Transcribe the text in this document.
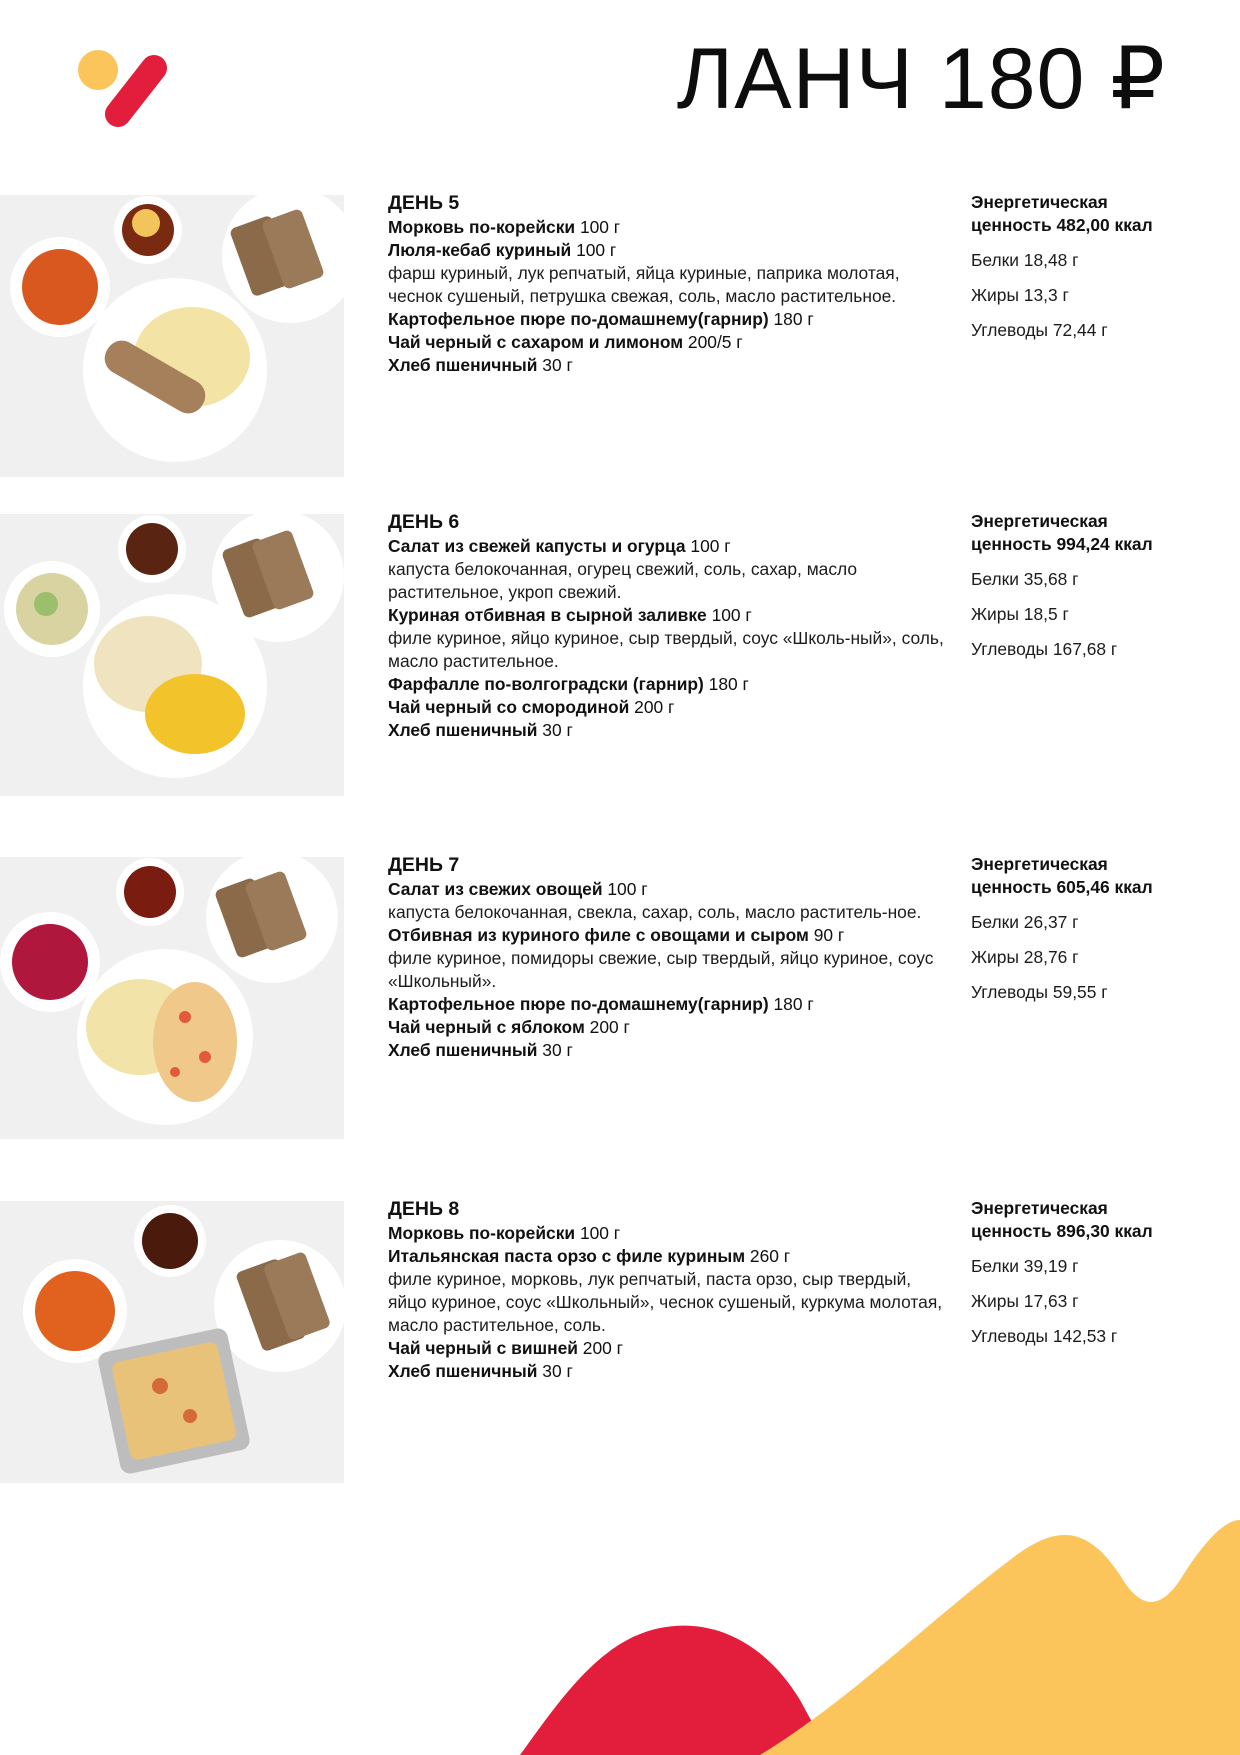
ЛАНЧ 180 ₽
ДЕНЬ 5
Морковь по-корейски 100 г
Люля-кебаб куриный 100 г
фарш куриный, лук репчатый, яйца куриные, паприка молотая, чеснок сушеный, петрушка свежая, соль, масло растительное.
Картофельное пюре по-домашнему(гарнир) 180 г
Чай черный с сахаром и лимоном 200/5 г
Хлеб пшеничный 30 г
Энергетическая
ценность 482,00 ккал
Белки 18,48 г
Жиры 13,3 г
Углеводы 72,44 г
ДЕНЬ 6
Салат из свежей капусты и огурца 100 г
капуста белокочанная, огурец свежий, соль, сахар, масло растительное, укроп свежий.
Куриная отбивная в сырной заливке 100 г
филе куриное, яйцо куриное, сыр твердый, соус «Школь-ный», соль, масло растительное.
Фарфалле по-волгоградски (гарнир) 180 г
Чай черный со смородиной 200 г
Хлеб пшеничный 30 г
Энергетическая
ценность 994,24 ккал
Белки 35,68 г
Жиры 18,5 г
Углеводы 167,68 г
ДЕНЬ 7
Салат из свежих овощей 100 г
капуста белокочанная, свекла, сахар, соль, масло раститель-ное.
Отбивная из куриного филе с овощами и сыром 90 г
филе куриное, помидоры свежие, сыр твердый, яйцо куриное, соус «Школьный».
Картофельное пюре по-домашнему(гарнир) 180 г
Чай черный с яблоком 200 г
Хлеб пшеничный 30 г
Энергетическая
ценность 605,46 ккал
Белки 26,37 г
Жиры 28,76 г
Углеводы 59,55 г
ДЕНЬ 8
Морковь по-корейски 100 г
Итальянская паста орзо с филе куриным 260 г
филе куриное, морковь, лук репчатый, паста орзо, сыр твердый, яйцо куриное, соус «Школьный», чеснок сушеный, куркума молотая, масло растительное, соль.
Чай черный с вишней 200 г
Хлеб пшеничный 30 г
Энергетическая
ценность 896,30 ккал
Белки 39,19 г
Жиры 17,63 г
Углеводы 142,53 г
